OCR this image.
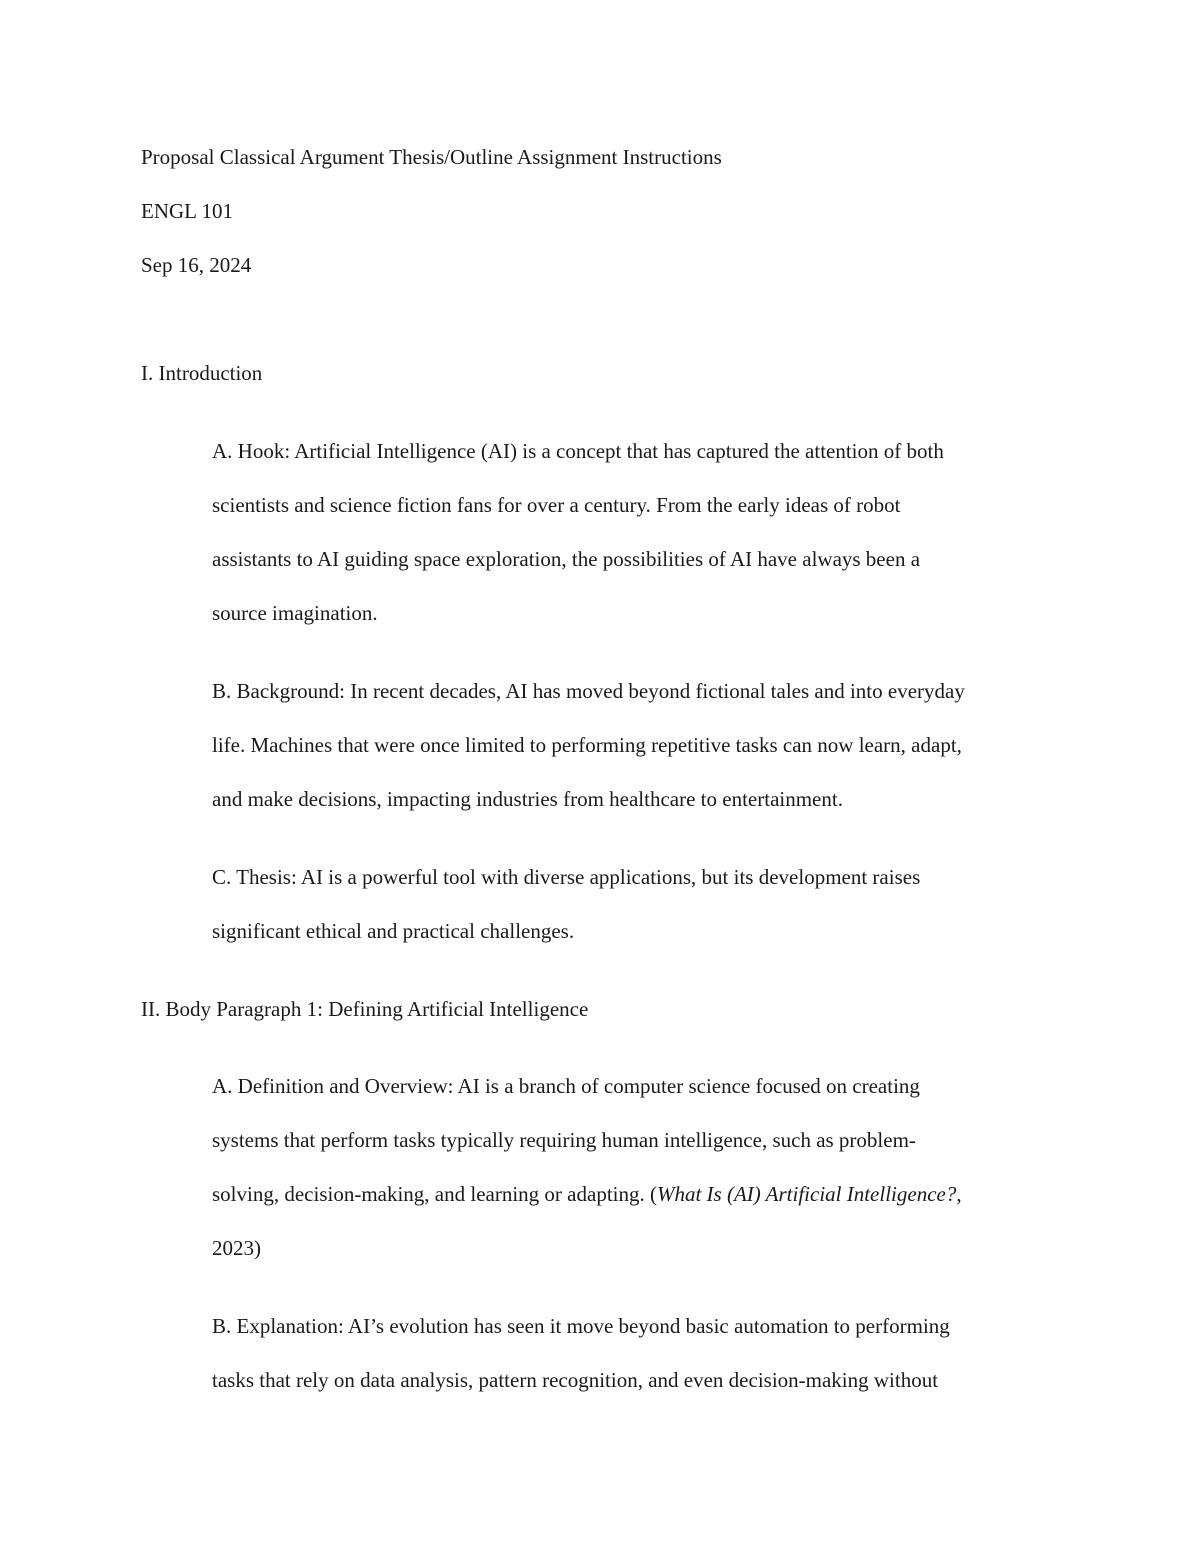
Proposal Classical Argument Thesis/Outline Assignment Instructions
ENGL 101
Sep 16, 2024
I. Introduction
A. Hook: Artificial Intelligence (AI) is a concept that has captured the attention of both
scientists and science fiction fans for over a century. From the early ideas of robot
assistants to AI guiding space exploration, the possibilities of AI have always been a
source imagination.
B. Background: In recent decades, AI has moved beyond fictional tales and into everyday
life. Machines that were once limited to performing repetitive tasks can now learn, adapt,
and make decisions, impacting industries from healthcare to entertainment.
C. Thesis: AI is a powerful tool with diverse applications, but its development raises
significant ethical and practical challenges.
II. Body Paragraph 1: Defining Artificial Intelligence
A. Definition and Overview: AI is a branch of computer science focused on creating
systems that perform tasks typically requiring human intelligence, such as problem-
solving, decision-making, and learning or adapting. (What Is (AI) Artificial Intelligence?,
2023)
B. Explanation: AI’s evolution has seen it move beyond basic automation to performing
tasks that rely on data analysis, pattern recognition, and even decision-making without
